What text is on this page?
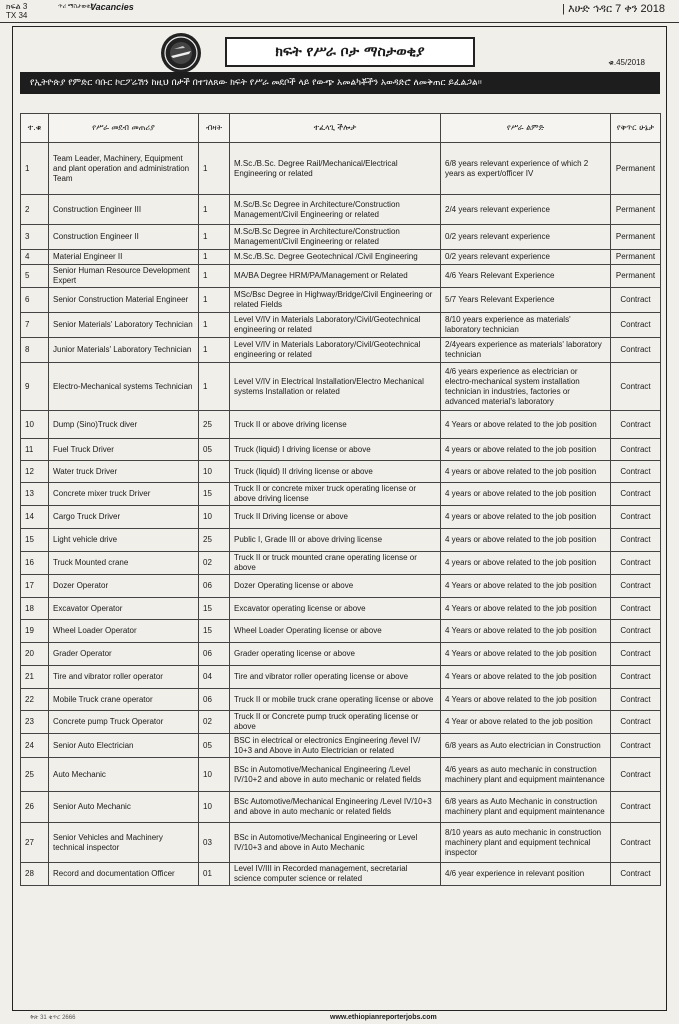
ክፍል 3
TX 34
ጥሪ ማስታወቂያ
Vacancies	| እሁድ ኅዳር 7 ቀን 2018
ክፍት የሥራ ቦታ ማስታወቂያ
ቁ.45/2018
የኢትዮጵያ የምድር ባቡር ኮርፖሬሽን ከዚህ በታች በተገለጸው ክፍት የሥራ መደቦች ላይ የውጭ አመልካቾችን አወዳድሮ ለመቅጠር ይፈልጋል፡፡
ተ.ቁ	የሥራ መደብ መጠሪያ	ብዛት	ተፈላጊ ችሎታ	የሥራ ልምድ	የቅጥር ሁኔታ
1	Team Leader, Machinery, Equipment and plant operation and administration Team	1	M.Sc./B.Sc. Degree Rail/Mechanical/Electrical Engineering or related	6/8 years relevant experience of which 2 years as expert/officer IV	Permanent
2	Construction Engineer III	1	M.Sc/B.Sc Degree in Architecture/Construction Management/Civil Engineering or related	2/4 years relevant experience	Permanent
3	Construction Engineer II	1	M.Sc/B.Sc Degree in Architecture/Construction Management/Civil Engineering or related	0/2 years relevant experience	Permanent
4	Material Engineer II	1	M.Sc./B.Sc. Degree Geotechnical /Civil Engineering	0/2 years relevant experience	Permanent
5	Senior Human Resource Development Expert	1	MA/BA Degree HRM/PA/Management or Related	4/6 Years Relevant Experience	Permanent
6	Senior Construction Material Engineer	1	MSc/Bsc Degree in Highway/Bridge/Civil Engineering or related Fields	5/7 Years Relevant Experience	Contract
7	Senior Materials' Laboratory Technician	1	Level V/IV in Materials Laboratory/Civil/Geotechnical engineering or related	8/10 years experience as materials' laboratory technician	Contract
8	Junior Materials' Laboratory Technician	1	Level V/IV in Materials Laboratory/Civil/Geotechnical engineering or related	2/4years experience as materials' laboratory technician	Contract
9	Electro-Mechanical systems Technician	1	Level V/IV in Electrical Installation/Electro Mechanical systems Installation or related	4/6 years experience as electrician or electro-mechanical system installation technician in industries, factories or advanced material's laboratory	Contract
10	Dump (Sino)Truck diver	25	Truck II or above driving license	4 Years or above related to the job position	Contract
11	Fuel Truck Driver	05	Truck (liquid) I driving license or above	4 years or above related to the job position	Contract
12	Water truck Driver	10	Truck (liquid) II driving license or above	4 years or above related to the job position	Contract
13	Concrete mixer truck Driver	15	Truck II or concrete mixer truck operating license or above driving license	4 years or above related to the job position	Contract
14	Cargo Truck Driver	10	Truck II Driving license or above	4 years or above related to the job position	Contract
15	Light vehicle drive	25	Public I, Grade III or above driving license	4 years or above related to the job position	Contract
16	Truck Mounted crane	02	Truck II or truck mounted crane operating license or above	4 years or above related to the job position	Contract
17	Dozer Operator	06	Dozer Operating license or above	4 Years or above related to the job position	Contract
18	Excavator Operator	15	Excavator operating license or above	4 Years or above related to the job position	Contract
19	Wheel Loader Operator	15	Wheel Loader Operating license or above	4 Years or above related to the job position	Contract
20	Grader Operator	06	Grader operating license or above	4 Years or above related to the job position	Contract
21	Tire and vibrator roller operator	04	Tire and vibrator roller operating license or above	4 Years or above related to the job position	Contract
22	Mobile Truck crane operator	06	Truck II or mobile truck crane operating license or above	4 Years or above related to the job position	Contract
23	Concrete pump Truck Operator	02	Truck II or Concrete pump truck operating license or above	4 Year or above related to the job position	Contract
24	Senior Auto Electrician	05	BSC in electrical or electronics Engineering /level IV/ 10+3 and Above in Auto Electrician or related	6/8 years as Auto electrician in Construction	Contract
25	Auto Mechanic	10	BSc in Automotive/Mechanical Engineering /Level IV/10+2 and above in auto mechanic or related fields	4/6 years as auto mechanic in construction machinery plant and equipment maintenance	Contract
26	Senior Auto Mechanic	10	BSc Automotive/Mechanical Engineering /Level IV/10+3 and above in auto mechanic or related fields	6/8 years as Auto Mechanic in construction machinery plant and equipment maintenance	Contract
27	Senior Vehicles and Machinery technical inspector	03	BSc in Automotive/Mechanical Engineering or Level IV/10+3 and above in Auto Mechanic	8/10 years as auto mechanic in construction machinery plant and equipment technical inspector	Contract
28	Record and documentation Officer	01	Level IV/III in Recorded management, secretarial science computer science or related	4/6 year experience in relevant position	Contract
ቅጽ 31 ቁጥር 2666	www.ethiopianreporterjobs.com
